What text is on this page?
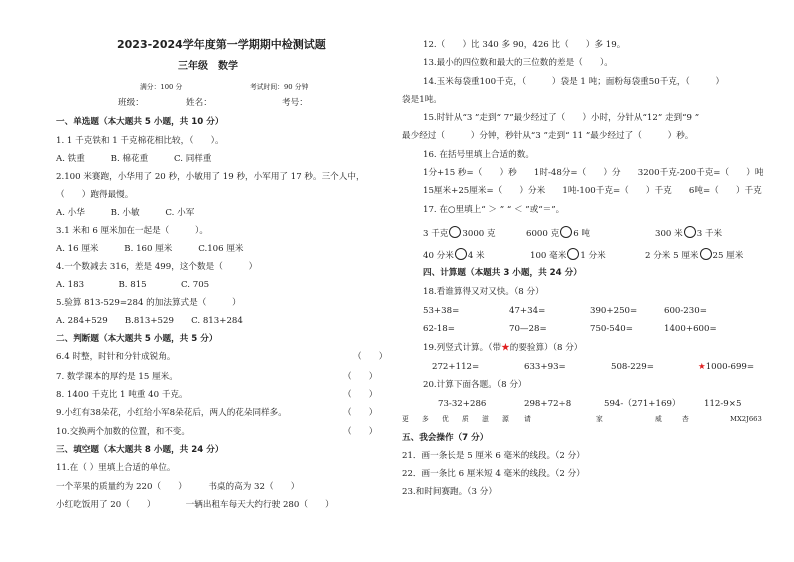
2023-2024学年度第一学期期中检测试题
三年级　数学
满分：100 分	考试时间：90 分钟
班级：	姓名：	考号：
一、单选题（本大题共 5 小题，共 10 分）
1. 1 千克铁和 1 千克棉花相比较，（　　）。
A. 铁重　　　B. 棉花重　　　C. 同样重
2.100 米赛跑，小华用了 20 秒，小敏用了 19 秒，小军用了 17 秒。三个人中，
（　　）跑得最慢。
A. 小华　　　B. 小敏　　　C. 小军
3.1 米和 6 厘米加在一起是（　　　）。
A. 16 厘米　　　B. 160 厘米　　　C.106 厘米
4.一个数减去 316，差是 499，这个数是（　　　）
A. 183　　　　B. 815　　　　C. 705
5.验算 813-529=284 的加法算式是（　　　）
A. 284+529　　B.813+529　　C. 813+284
二、判断题（本大题共 5 小题，共 5 分）
6.4 时整，时针和分针成锐角。	（　　）
7. 数学课本的厚约是 15 厘米。	（　　）
8. 1400 千克比 1 吨重 40 千克。	（　　）
9.小红有38朵花，小红给小军8朵花后，两人的花朵同样多。	（　　）
10.交换两个加数的位置，和不变。	（　　）
三、填空题（本大题共 8 小题，共 24 分）
11.在（ ）里填上合适的单位。
一个苹果的质量约为 220（　　）　　　书桌的高为 32（　　）
小红吃饭用了 20（　　）　　　　一辆出租车每天大约行驶 280（　　）
12.（　　）比 340 多 90，426 比（　　）多 19。
13.最小的四位数和最大的三位数的差是（　　）。
14.玉米每袋重100千克，（　　　）袋是 1 吨；面粉每袋重50千克，（　　　）
袋是1吨。
15.时针从“3 ”走到“ 7”最少经过了（　　）小时，分针从“12” 走到“9 ”
最少经过（　　　）分钟，秒针从“3 ”走到“ 11 ”最少经过了（　　　）秒。
16. 在括号里填上合适的数。
1分+15 秒=（　　）秒　　1时-48分=（　　）分　　3200千克-200千克=（　　）吨
15厘米+25厘米=（　　）分米　　1吨-100千克=（　　）千克　　6吨=（　　）千克
17. 在○里填上“ ＞ ” “ ＜ ”或“＝”。
3 千克 3000 克	6000 克 6 吨	300 米 3 千米
40 分米 4 米	100 毫米 1 分米	2 分米 5 厘米 25 厘米
四、计算题（本题共 3 小题，共 24 分）
18.看谁算得又对又快。（8 分）
53+38=	47+34=	390+250=	600-230=
62-18=	70—28=	750-540=	1400+600=
19.列竖式计算。（带★的要验算）（8 分）
272+112=	633+93=	508-229=	★1000-699=
20.计算下面各题。（8 分）
73-32+286	298+72÷8	594-（271+169）	112-9×5
更 多 优 质 滋 源 请	家	威	杏	MX2J663
五、我会操作（7 分）
21．画一条长是 5 厘米 6 毫米的线段。（2 分）
22．画一条比 6 厘米短 4 毫米的线段。（2 分）
23.和时间赛跑。（3 分）
